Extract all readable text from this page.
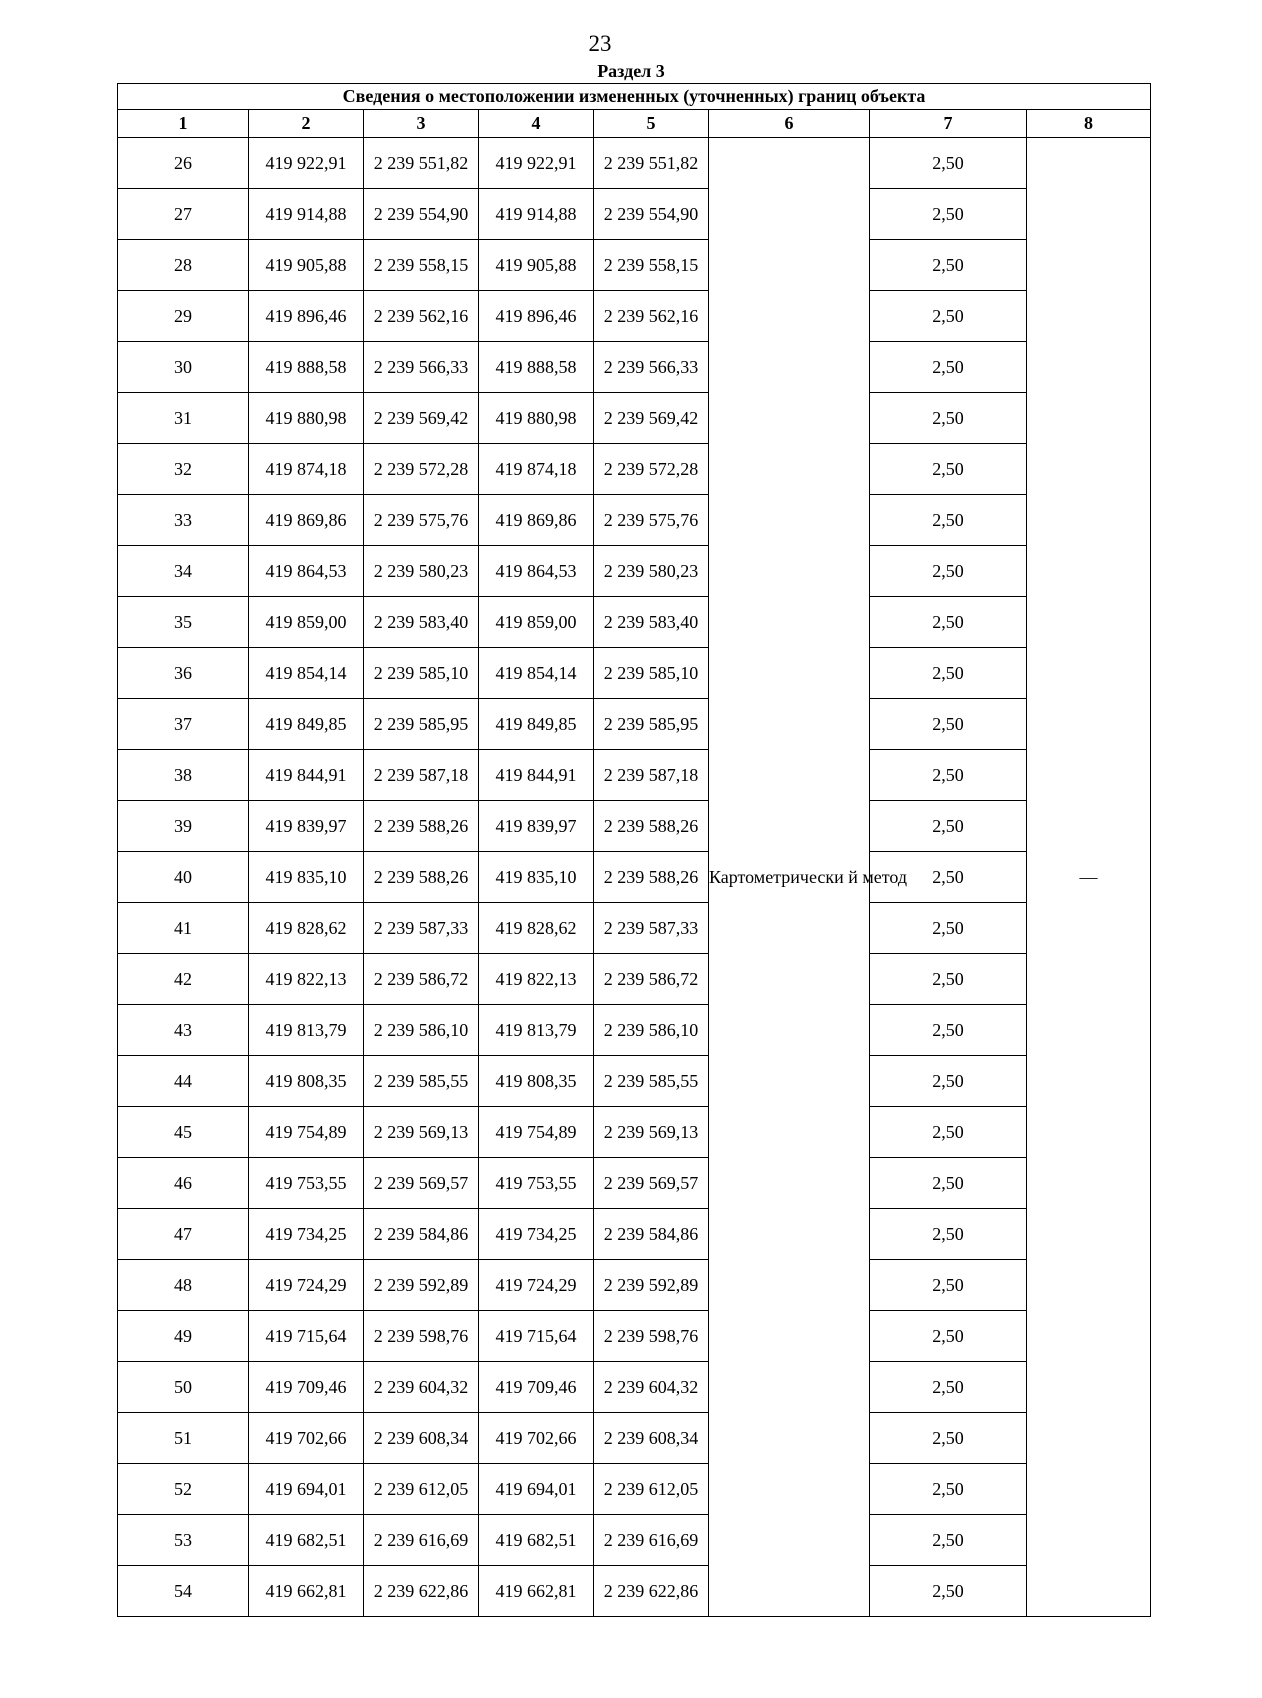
23
Раздел 3
Сведения о местоположении измененных (уточненных) границ объекта							
1	2	3	4	5	6	7	8
26	419 922,91	2 239 551,82	419 922,91	2 239 551,82	Картометрически й метод	2,50	—
27	419 914,88	2 239 554,90	419 914,88	2 239 554,90		2,50	
28	419 905,88	2 239 558,15	419 905,88	2 239 558,15		2,50	
29	419 896,46	2 239 562,16	419 896,46	2 239 562,16		2,50	
30	419 888,58	2 239 566,33	419 888,58	2 239 566,33		2,50	
31	419 880,98	2 239 569,42	419 880,98	2 239 569,42		2,50	
32	419 874,18	2 239 572,28	419 874,18	2 239 572,28		2,50	
33	419 869,86	2 239 575,76	419 869,86	2 239 575,76		2,50	
34	419 864,53	2 239 580,23	419 864,53	2 239 580,23		2,50	
35	419 859,00	2 239 583,40	419 859,00	2 239 583,40		2,50	
36	419 854,14	2 239 585,10	419 854,14	2 239 585,10		2,50	
37	419 849,85	2 239 585,95	419 849,85	2 239 585,95		2,50	
38	419 844,91	2 239 587,18	419 844,91	2 239 587,18		2,50	
39	419 839,97	2 239 588,26	419 839,97	2 239 588,26		2,50	
40	419 835,10	2 239 588,26	419 835,10	2 239 588,26		2,50	
41	419 828,62	2 239 587,33	419 828,62	2 239 587,33		2,50	
42	419 822,13	2 239 586,72	419 822,13	2 239 586,72		2,50	
43	419 813,79	2 239 586,10	419 813,79	2 239 586,10		2,50	
44	419 808,35	2 239 585,55	419 808,35	2 239 585,55		2,50	
45	419 754,89	2 239 569,13	419 754,89	2 239 569,13		2,50	
46	419 753,55	2 239 569,57	419 753,55	2 239 569,57		2,50	
47	419 734,25	2 239 584,86	419 734,25	2 239 584,86		2,50	
48	419 724,29	2 239 592,89	419 724,29	2 239 592,89		2,50	
49	419 715,64	2 239 598,76	419 715,64	2 239 598,76		2,50	
50	419 709,46	2 239 604,32	419 709,46	2 239 604,32		2,50	
51	419 702,66	2 239 608,34	419 702,66	2 239 608,34		2,50	
52	419 694,01	2 239 612,05	419 694,01	2 239 612,05		2,50	
53	419 682,51	2 239 616,69	419 682,51	2 239 616,69		2,50	
54	419 662,81	2 239 622,86	419 662,81	2 239 622,86		2,50	
